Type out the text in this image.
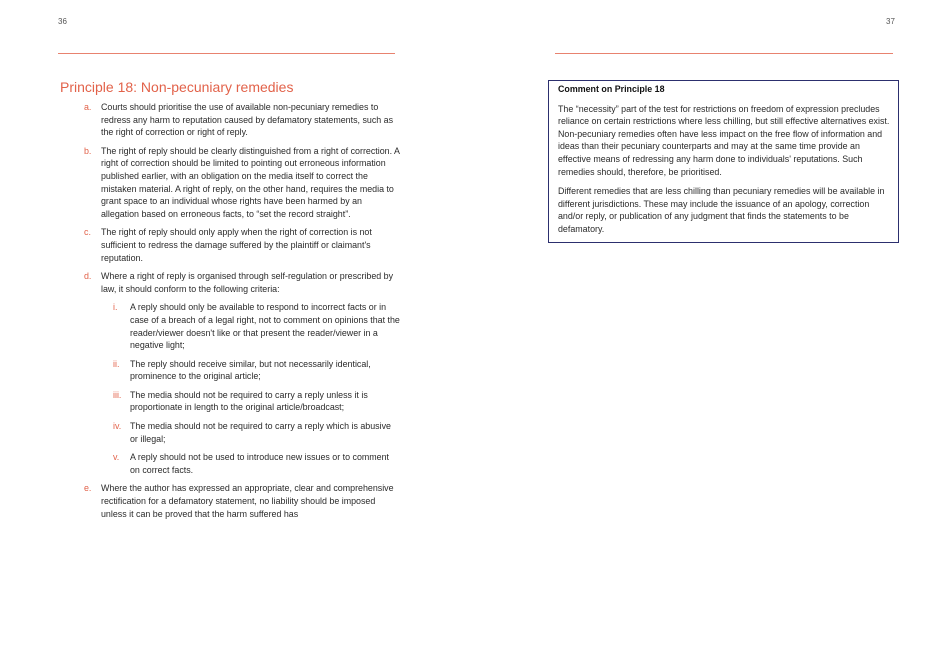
36	37
Principle 18: Non-pecuniary remedies
a. Courts should prioritise the use of available non-pecuniary remedies to redress any harm to reputation caused by defamatory statements, such as the right of correction or right of reply.
b. The right of reply should be clearly distinguished from a right of correction. A right of correction should be limited to pointing out erroneous information published earlier, with an obligation on the media itself to correct the mistaken material. A right of reply, on the other hand, requires the media to grant space to an individual whose rights have been harmed by an allegation based on erroneous facts, to “set the record straight”.
c. The right of reply should only apply when the right of correction is not sufficient to redress the damage suffered by the plaintiff or claimant's reputation.
d. Where a right of reply is organised through self-regulation or prescribed by law, it should conform to the following criteria:
i. A reply should only be available to respond to incorrect facts or in case of a breach of a legal right, not to comment on opinions that the reader/viewer doesn't like or that present the reader/viewer in a negative light;
ii. The reply should receive similar, but not necessarily identical, prominence to the original article;
iii. The media should not be required to carry a reply unless it is proportionate in length to the original article/broadcast;
iv. The media should not be required to carry a reply which is abusive or illegal;
v. A reply should not be used to introduce new issues or to comment on correct facts.
e. Where the author has expressed an appropriate, clear and comprehensive rectification for a defamatory statement, no liability should be imposed unless it can be proved that the harm suffered has

Comment on Principle 18

The “necessity” part of the test for restrictions on freedom of expression precludes reliance on certain restrictions where less chilling, but still effective alternatives exist. Non-pecuniary remedies often have less impact on the free flow of information and ideas than their pecuniary counterparts and may at the same time provide an effective means of redressing any harm done to individuals' reputations. Such remedies should, therefore, be prioritised.

Different remedies that are less chilling than pecuniary remedies will be available in different jurisdictions. These may include the issuance of an apology, correction and/or reply, or publication of any judgment that finds the statements to be defamatory.
